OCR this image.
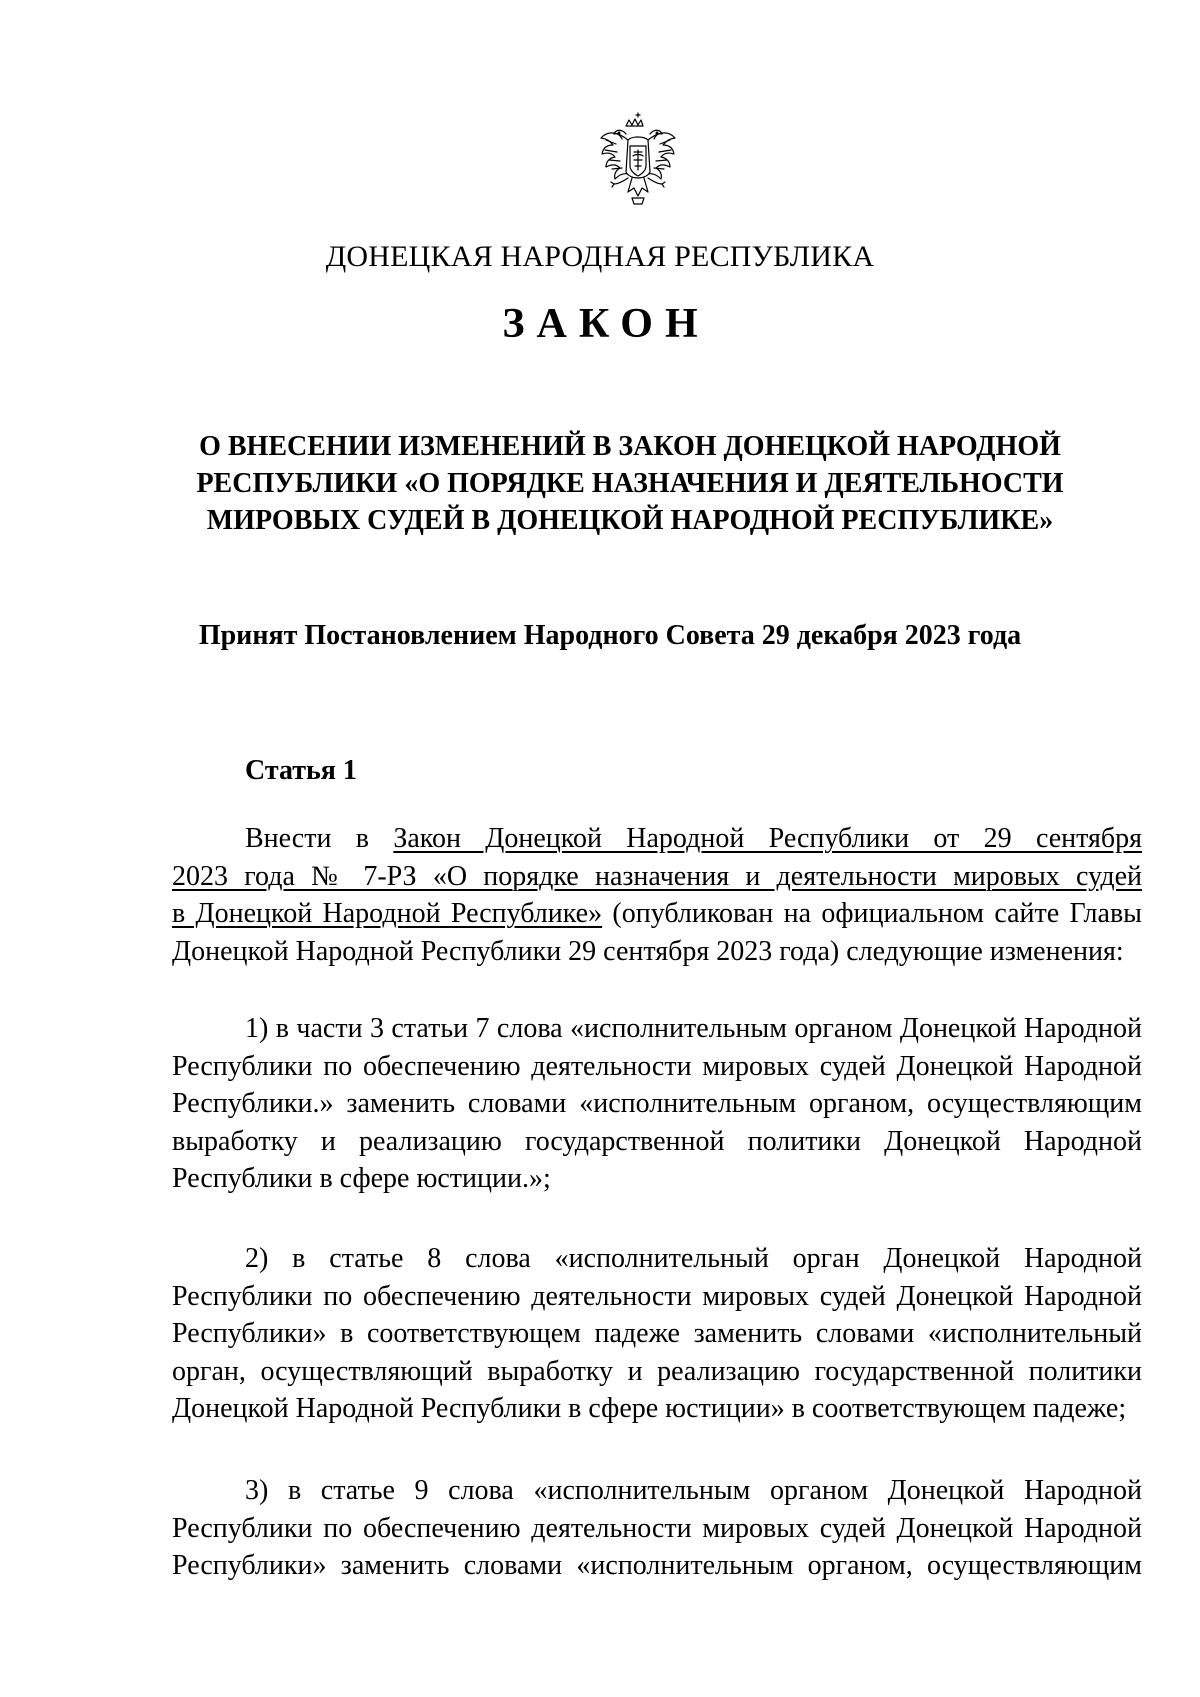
ДОНЕЦКАЯ НАРОДНАЯ РЕСПУБЛИКА
ЗАКОН
О ВНЕСЕНИИ ИЗМЕНЕНИЙ В ЗАКОН ДОНЕЦКОЙ НАРОДНОЙ
РЕСПУБЛИКИ «О ПОРЯДКЕ НАЗНАЧЕНИЯ И ДЕЯТЕЛЬНОСТИ
МИРОВЫХ СУДЕЙ В ДОНЕЦКОЙ НАРОДНОЙ РЕСПУБЛИКЕ»
Принят Постановлением Народного Совета 29 декабря 2023 года
Статья 1
Внести в Закон Донецкой Народной Республики от 29 сентября
2023 года № 7-РЗ «О порядке назначения и деятельности мировых судей
в Донецкой Народной Республике» (опубликован на официальном сайте Главы
Донецкой Народной Республики 29 сентября 2023 года) следующие изменения:
1) в части 3 статьи 7 слова «исполнительным органом Донецкой Народной
Республики по обеспечению деятельности мировых судей Донецкой Народной
Республики.» заменить словами «исполнительным органом, осуществляющим
выработку и реализацию государственной политики Донецкой Народной
Республики в сфере юстиции.»;
2) в статье 8 слова «исполнительный орган Донецкой Народной
Республики по обеспечению деятельности мировых судей Донецкой Народной
Республики» в соответствующем падеже заменить словами «исполнительный
орган, осуществляющий выработку и реализацию государственной политики
Донецкой Народной Республики в сфере юстиции» в соответствующем падеже;
3) в статье 9 слова «исполнительным органом Донецкой Народной
Республики по обеспечению деятельности мировых судей Донецкой Народной
Республики» заменить словами «исполнительным органом, осуществляющим
